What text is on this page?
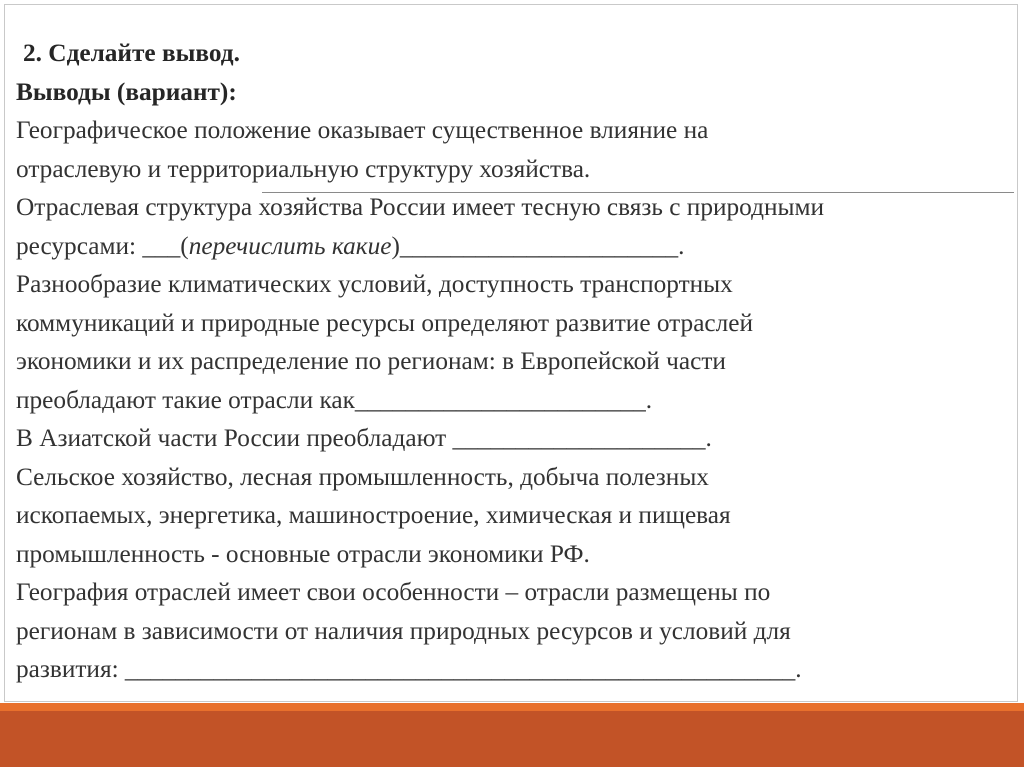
2. Сделайте вывод.

Выводы (вариант):

Географическое положение оказывает существенное влияние на

отраслевую и территориальную структуру хозяйства.

Отраслевая структура хозяйства России имеет тесную связь с природными

ресурсами: ___(перечислить какие)______________________.

Разнообразие климатических условий, доступность транспортных

коммуникаций и природные ресурсы определяют развитие отраслей

экономики и их распределение по регионам: в Европейской части

преобладают такие отрасли как_______________________.

В Азиатской части России преобладают ____________________.

Сельское хозяйство, лесная промышленность, добыча полезных

ископаемых, энергетика, машиностроение, химическая и пищевая

промышленность - основные отрасли экономики РФ.

География отраслей имеет свои особенности – отрасли размещены по

регионам в зависимости от наличия природных ресурсов и условий для

развития: _____________________________________________________.
